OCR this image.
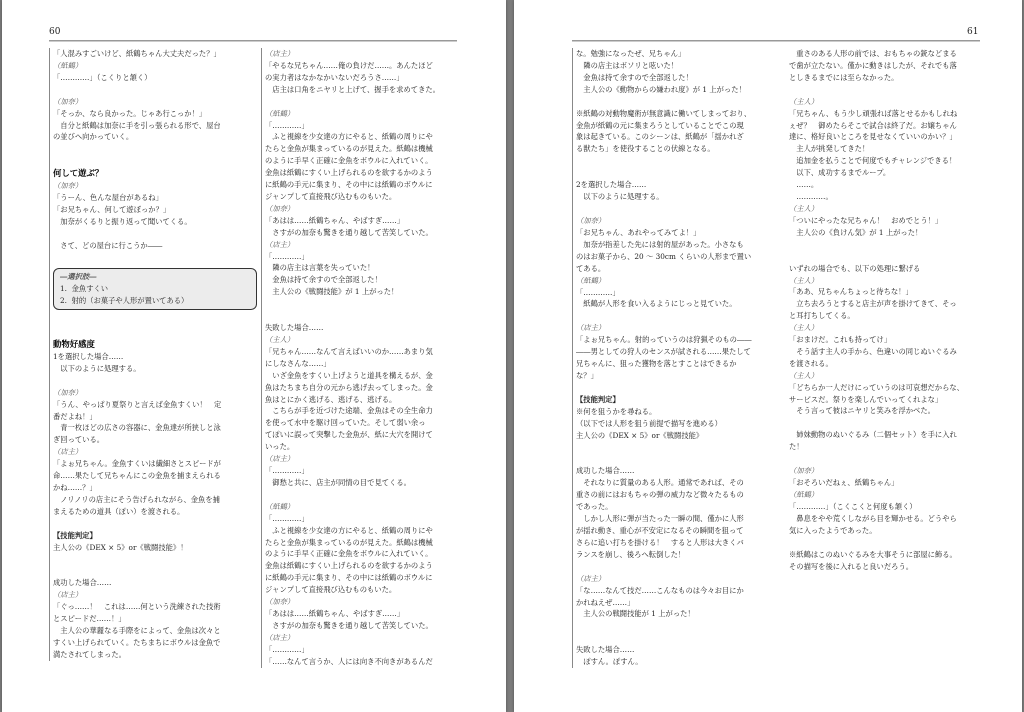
60
「人混みすごいけど、紙鶴ちゃん大丈夫だった？」
（紙鶴）
「…………」（こくりと頷く）
（加奈）
「そっか、なら良かった。じゃあ行こっか！」
　自分と紙鶴は加奈に手を引っ張られる形で、屋台
の並びへ向かっていく。
何して遊ぶ？
（加奈）
「うーん、色んな屋台があるね」
「お兄ちゃん、何して遊ぼっか？」
　加奈がくるりと振り返って聞いてくる。
　さて、どの屋台に行こうか――
―選択肢―
1.  金魚すくい
2.  射的（お菓子や人形が置いてある）
動物好感度
1を選択した場合……
　以下のように処理する。
（加奈）
「うん、やっぱり夏祭りと言えば金魚すくい！　定
番だよね！」
　青一枚ほどの広さの容器に、金魚達が所狭しと泳
ぎ回っている。
（店主）
「よぉ兄ちゃん。金魚すくいは繊細さとスピードが
命……果たして兄ちゃんにこの金魚を捕まえられる
かね……？」
　ノリノリの店主にそう告げられながら、金魚を捕
まえるための道具（ぽい）を渡される。
【技能判定】
主人公の《DEX × 5》or《戦闘技能》！
成功した場合……
（店主）
「ぐっ……！　これは……何という洗練された技術
とスピードだ……！」
　主人公の華麗なる手際をによって、金魚は次々と
すくい上げられていく。たちまちにボウルは金魚で
満たされてしまった。
（店主）
「やるな兄ちゃん……俺の負けだ……。あんたほど
の実力者はなかなかいないだろうさ……」
　店主は口角をニヤリと上げて、握手を求めてきた。
（紙鶴）
「…………」
　ふと視線を少女達の方にやると、紙鶴の周りにや
たらと金魚が集まっているのが見えた。紙鶴は機械
のように手早く正確に金魚をボウルに入れていく。
金魚は紙鶴にすくい上げられるのを欲するかのよう
に紙鶴の手元に集まり、その中には紙鶴のボウルに
ジャンプして直接飛び込むものもいた。
（加奈）
「あはは……紙鶴ちゃん、やばすぎ……」
　さすがの加奈も驚きを通り越して苦笑していた。
（店主）
「…………」
　隣の店主は言葉を失っていた！
　金魚は持て余すので全部返した！
　主人公の《戦闘技能》が 1 上がった！
失敗した場合……
（主人）
「兄ちゃん……なんて言えばいいのか……あまり気
にしなさんな……」
　いざ金魚をすくい上げようと道具を構えるが、金
魚はたちまち自分の元から逃げ去ってしまった。金
魚はとにかく逃げる、逃げる、逃げる。
　こちらが手を近づけた途端、金魚はその全生命力
を使って水中を駆け回っていた。そして弱い余っ
てぽいに誤って突撃した金魚が、紙に大穴を開けて
いった。
（店主）
「…………」
　御愁と共に、店主が同情の目で見てくる。
（紙鶴）
「…………」
　ふと視線を少女達の方にやると、紙鶴の周りにや
たらと金魚が集まっているのが見えた。紙鶴は機械
のように手早く正確に金魚をボウルに入れていく。
金魚は紙鶴にすくい上げられるのを欲するかのよう
に紙鶴の手元に集まり、その中には紙鶴のボウルに
ジャンプして直接飛び込むものもいた。
（加奈）
「あはは……紙鶴ちゃん、やばすぎ……」
　さすがの加奈も驚きを通り越して苦笑していた。
（店主）
「…………」
「……なんて言うか、人には向き不向きがあるんだ
61
な。勉強になったぜ、兄ちゃん」
　隣の店主はボソリと呟いた！
　金魚は持て余すので全部返した！
　主人公の《動物からの嫌われ度》が 1 上がった！
※紙鶴の対動物魔術が無意識に働いてしまっており、
金魚が紙鶴の元に集まろうとしていることでこの現
象は起きている。このシーンは、紙鶴が「揺かれざ
る獣たち」を使役することの伏線となる。
2を選択した場合……
　以下のように処理する。
（加奈）
「お兄ちゃん、あれやってみてよ！」
　加奈が指差した先には射的屋があった。小さなも
のはお菓子から、20 〜 30cm くらいの人形まで置い
てある。
（紙鶴）
「…………」
　紙鶴が人形を食い入るようにじっと見ていた。
（店主）
「よぉ兄ちゃん。射的っていうのは狩猟そのもの――
――男としての狩人のセンスが試される……果たして
兄ちゃんに、狙った獲物を落とすことはできるか
な？」
【技能判定】
※何を狙うかを尋ねる。
（以下では人形を狙う前提で描写を進める）
主人公の《DEX × 5》or《戦闘技能》
成功した場合……
　それなりに質量のある人形。通常であれば、その
重さの前にはおもちゃの弾の威力など微々たるもの
であった。
　しかし人形に弾が当たった一瞬の間、僅かに人形
が揺れ動き、重心が不安定になるその瞬間を狙って
さらに追い打ちを掛ける！　すると人形は大きくバ
ランスを崩し、後ろへ転倒した！
（店主）
「な……なんて技だ……こんなものは今々お目にか
かれねえぜ……」
　主人公の戦闘技能が 1 上がった！
失敗した場合……
　ぽすん。ぽすん。
　重さのある人形の前では、おもちゃの銃などまる
で歯が立たない。僅かに動きはしたが、それでも落
としきるまでには至らなかった。
（主人）
「兄ちゃん、もう少し頑張れば落とせるかもしれね
ぇぜ？　御めたらそこで試合は終了だ。お嬢ちゃん
達に、格好良いところを見せなくていいのかい？」
　主人が挑発してきた！
　追加金を払うことで何度でもチャレンジできる！
　以下、成功するまでループ。
　……。
　…………。
（主人）
「ついにやったな兄ちゃん！　おめでとう！」
　主人公の《負けん気》が 1 上がった！
いずれの場合でも、以下の処理に繋げる
（主人）
「ああ、兄ちゃんちょっと待ちな！」
　立ち去ろうとすると店主が声を掛けてきて、そっ
と耳打ちしてくる。
（主人）
「おまけだ。これも持ってけ」
　そう話す主人の手から、色違いの同じぬいぐるみ
を渡される。
（主人）
「どちらか一人だけにっていうのは可哀想だからな、
サービスだ。祭りを楽しんでいってくれよな」
　そう言って彼はニヤリと笑みを浮かべた。
　姉妹動物のぬいぐるみ（二個セット）を手に入れ
た！
（加奈）
「おそろいだねぇ、紙鶴ちゃん」
（紙鶴）
「…………」（こくこくと何度も頷く）
　鼻息をやや荒くしながら目を輝かせる。どうやら
気に入ったようであった。
※紙鶴はこのぬいぐるみを大事そうに部屋に飾る。
その描写を後に入れると良いだろう。
